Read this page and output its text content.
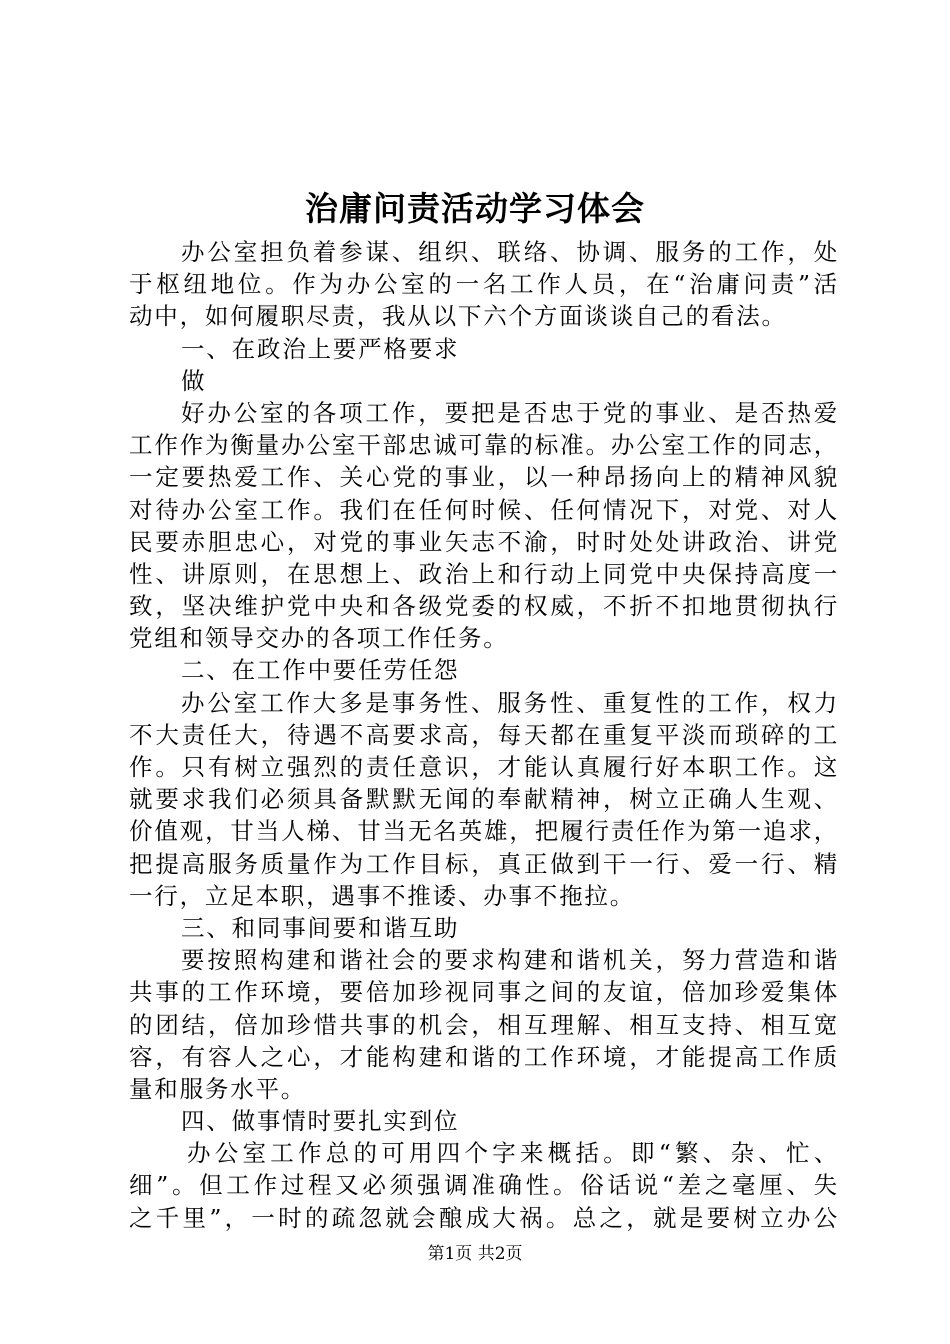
治庸问责活动学习体会
办公室担负着参谋、组织、联络、协调、服务的工作，处
于枢纽地位。作为办公室的一名工作人员，在“治庸问责”活
动中，如何履职尽责，我从以下六个方面谈谈自己的看法。
一、在政治上要严格要求
做
好办公室的各项工作，要把是否忠于党的事业、是否热爱
工作作为衡量办公室干部忠诚可靠的标准。办公室工作的同志，
一定要热爱工作、关心党的事业，以一种昂扬向上的精神风貌
对待办公室工作。我们在任何时候、任何情况下，对党、对人
民要赤胆忠心，对党的事业矢志不渝，时时处处讲政治、讲党
性、讲原则，在思想上、政治上和行动上同党中央保持高度一
致，坚决维护党中央和各级党委的权威，不折不扣地贯彻执行
党组和领导交办的各项工作任务。
二、在工作中要任劳任怨
办公室工作大多是事务性、服务性、重复性的工作，权力
不大责任大，待遇不高要求高，每天都在重复平淡而琐碎的工
作。只有树立强烈的责任意识，才能认真履行好本职工作。这
就要求我们必须具备默默无闻的奉献精神，树立正确人生观、
价值观，甘当人梯、甘当无名英雄，把履行责任作为第一追求，
把提高服务质量作为工作目标，真正做到干一行、爱一行、精
一行，立足本职，遇事不推诿、办事不拖拉。
三、和同事间要和谐互助
要按照构建和谐社会的要求构建和谐机关，努力营造和谐
共事的工作环境，要倍加珍视同事之间的友谊，倍加珍爱集体
的团结，倍加珍惜共事的机会，相互理解、相互支持、相互宽
容，有容人之心，才能构建和谐的工作环境，才能提高工作质
量和服务水平。
四、做事情时要扎实到位
办公室工作总的可用四个字来概括。即“繁、杂、忙、
细”。但工作过程又必须强调准确性。俗话说“差之毫厘、失
之千里”，一时的疏忽就会酿成大祸。总之，就是要树立办公
第1页 共2页
